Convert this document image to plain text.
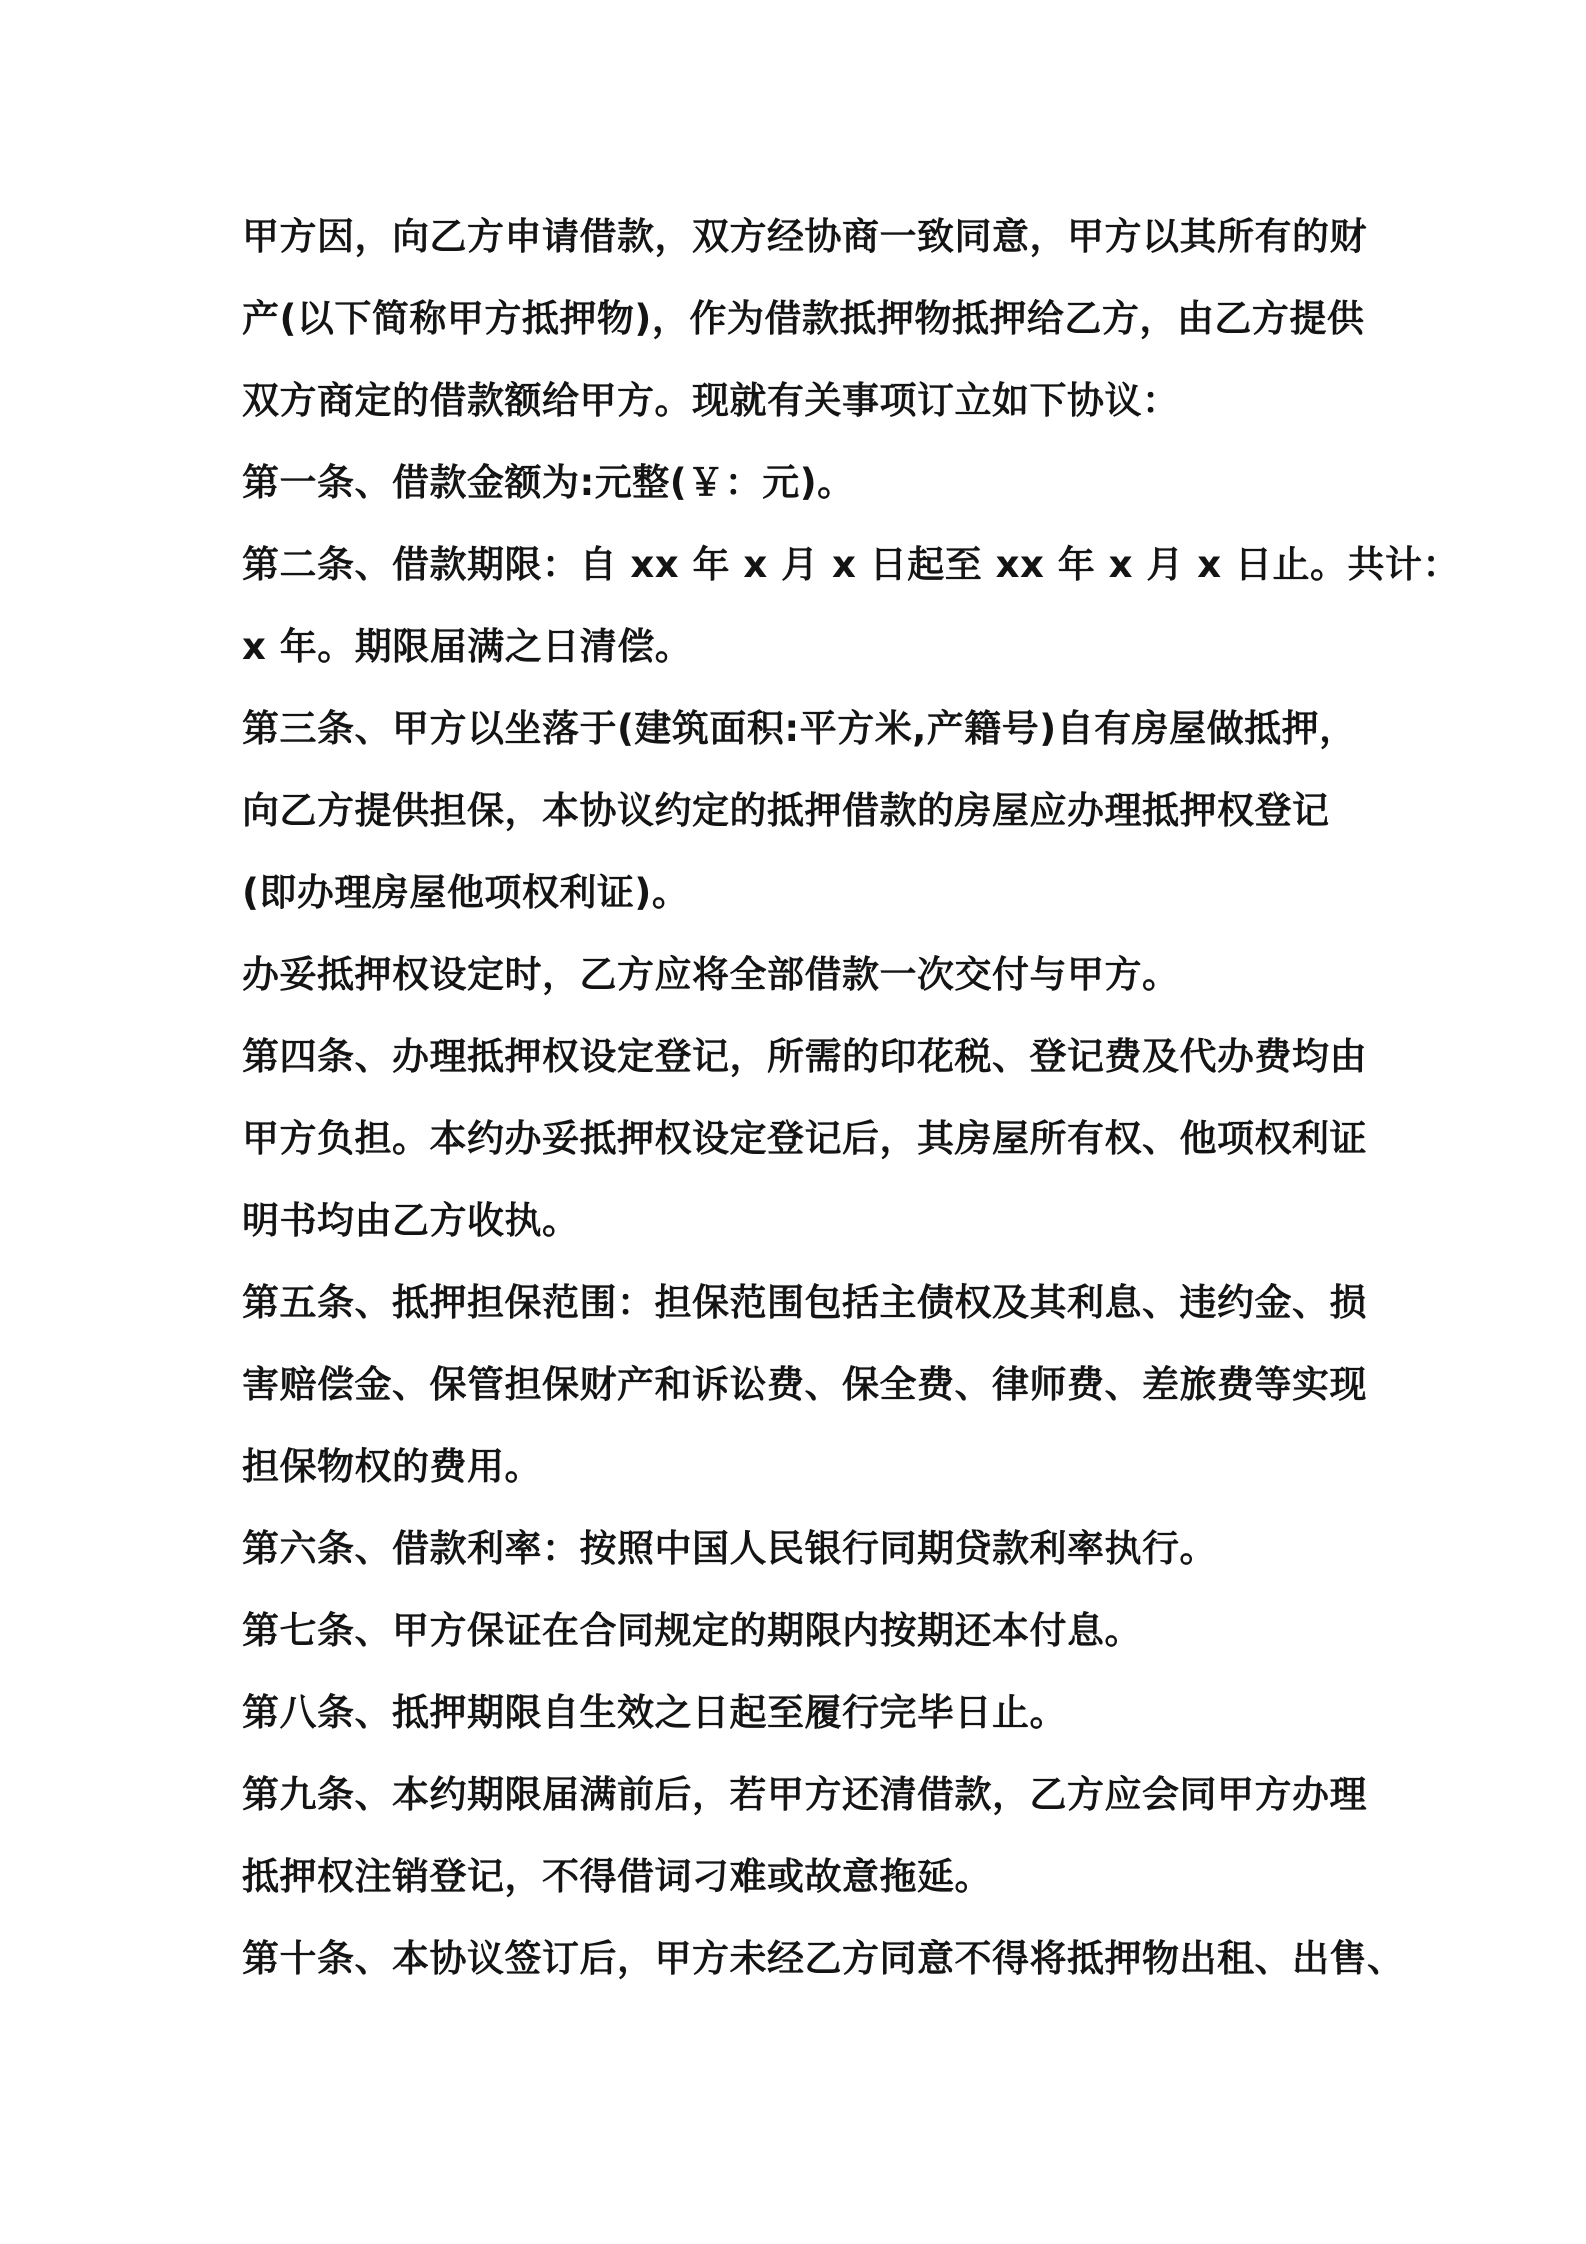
甲方因，向乙方申请借款，双方经协商一致同意，甲方以其所有的财
产(以下简称甲方抵押物)，作为借款抵押物抵押给乙方，由乙方提供
双方商定的借款额给甲方。现就有关事项订立如下协议：
第一条、借款金额为:元整(￥：元)。
第二条、借款期限：自 xx 年 x 月 x 日起至 xx 年 x 月 x 日止。共计：
x 年。期限届满之日清偿。
第三条、甲方以坐落于(建筑面积:平方米,产籍号)自有房屋做抵押，
向乙方提供担保，本协议约定的抵押借款的房屋应办理抵押权登记
(即办理房屋他项权利证)。
办妥抵押权设定时，乙方应将全部借款一次交付与甲方。
第四条、办理抵押权设定登记，所需的印花税、登记费及代办费均由
甲方负担。本约办妥抵押权设定登记后，其房屋所有权、他项权利证
明书均由乙方收执。
第五条、抵押担保范围：担保范围包括主债权及其利息、违约金、损
害赔偿金、保管担保财产和诉讼费、保全费、律师费、差旅费等实现
担保物权的费用。
第六条、借款利率：按照中国人民银行同期贷款利率执行。
第七条、甲方保证在合同规定的期限内按期还本付息。
第八条、抵押期限自生效之日起至履行完毕日止。
第九条、本约期限届满前后，若甲方还清借款，乙方应会同甲方办理
抵押权注销登记，不得借词刁难或故意拖延。
第十条、本协议签订后，甲方未经乙方同意不得将抵押物出租、出售、
